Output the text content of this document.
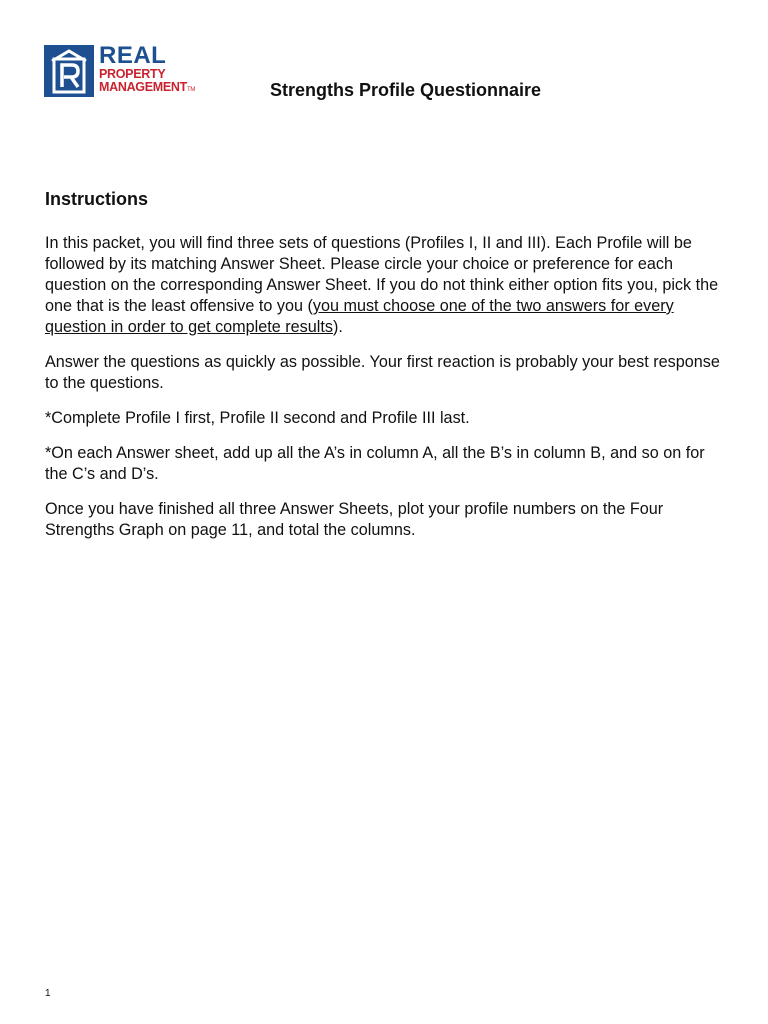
REAL
PROPERTY
MANAGEMENTTM	Strengths Profile Questionnaire
Instructions

In this packet, you will find three sets of questions (Profiles I, II and III). Each Profile will be followed by its matching Answer Sheet. Please circle your choice or preference for each question on the corresponding Answer Sheet. If you do not think either option fits you, pick the one that is the least offensive to you (you must choose one of the two answers for every question in order to get complete results).

Answer the questions as quickly as possible. Your first reaction is probably your best response to the questions.

*Complete Profile I first, Profile II second and Profile III last.

*On each Answer sheet, add up all the A’s in column A, all the B’s in column B, and so on for the C’s and D’s.

Once you have finished all three Answer Sheets, plot your profile numbers on the Four Strengths Graph on page 11, and total the columns.

1
